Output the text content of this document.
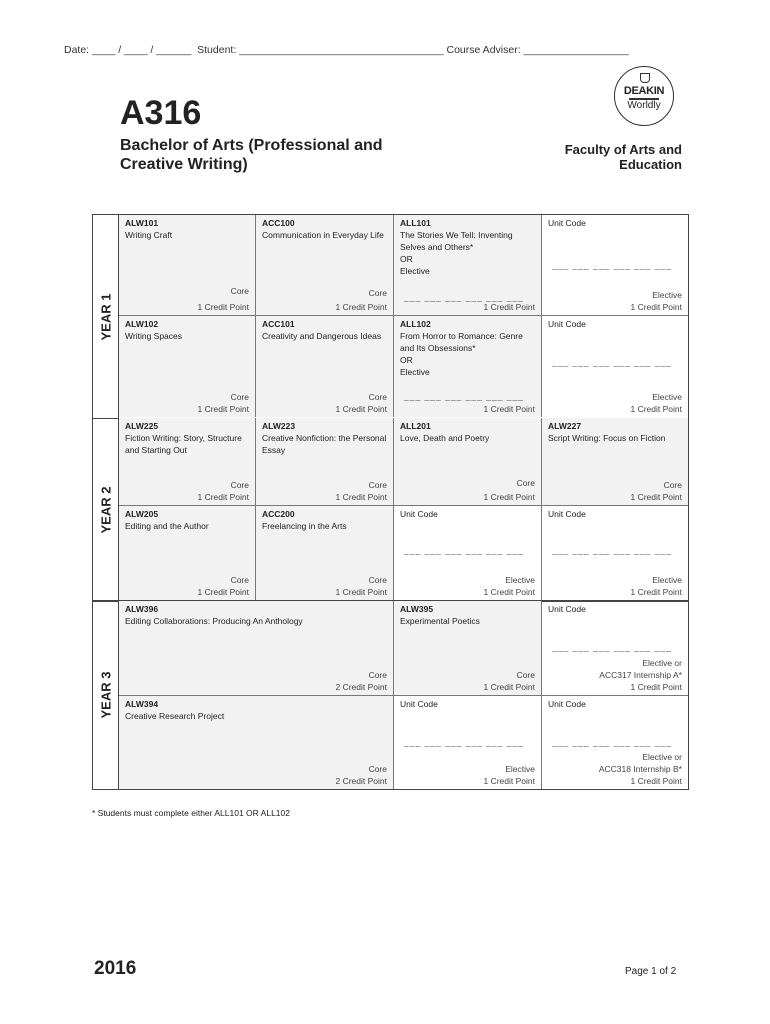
Date: ____ / ____ / ______ Student: ___________________________________ Course Adviser: __________________
DEAKIN
Worldly
A316
Bachelor of Arts (Professional and Creative Writing)
Faculty of Arts and Education
YEAR 1
ALW101
Writing Craft
Core
1 Credit Point
ACC100
Communication in Everyday Life
Core
1 Credit Point
ALL101
The Stories We Tell: Inventing Selves and Others*
OR
Elective
___ ___ ___ ___ ___ ___
1 Credit Point
Unit Code
___ ___ ___ ___ ___ ___
Elective
1 Credit Point
ALW102
Writing Spaces
Core
1 Credit Point
ACC101
Creativity and Dangerous Ideas
Core
1 Credit Point
ALL102
From Horror to Romance: Genre and Its Obsessions*
OR
Elective
___ ___ ___ ___ ___ ___
1 Credit Point
Unit Code
___ ___ ___ ___ ___ ___
Elective
1 Credit Point
YEAR 2
ALW225
Fiction Writing: Story, Structure and Starting Out
Core
1 Credit Point
ALW223
Creative Nonfiction: the Personal Essay
Core
1 Credit Point
ALL201
Love, Death and Poetry
Core
1 Credit Point
ALW227
Script Writing: Focus on Fiction
Core
1 Credit Point
ALW205
Editing and the Author
Core
1 Credit Point
ACC200
Freelancing in the Arts
Core
1 Credit Point
Unit Code
___ ___ ___ ___ ___ ___
Elective
1 Credit Point
Unit Code
___ ___ ___ ___ ___ ___
Elective
1 Credit Point
YEAR 3
ALW396
Editing Collaborations: Producing An Anthology
Core
2 Credit Point
ALW395
Experimental Poetics
Core
1 Credit Point
Unit Code
___ ___ ___ ___ ___ ___
Elective or
ACC317 Internship A*
1 Credit Point
ALW394
Creative Research Project
Core
2 Credit Point
Unit Code
___ ___ ___ ___ ___ ___
Elective
1 Credit Point
Unit Code
___ ___ ___ ___ ___ ___
Elective or
ACC318 Internship B*
1 Credit Point
* Students must complete either ALL101 OR ALL102
2016	Page 1 of 2
